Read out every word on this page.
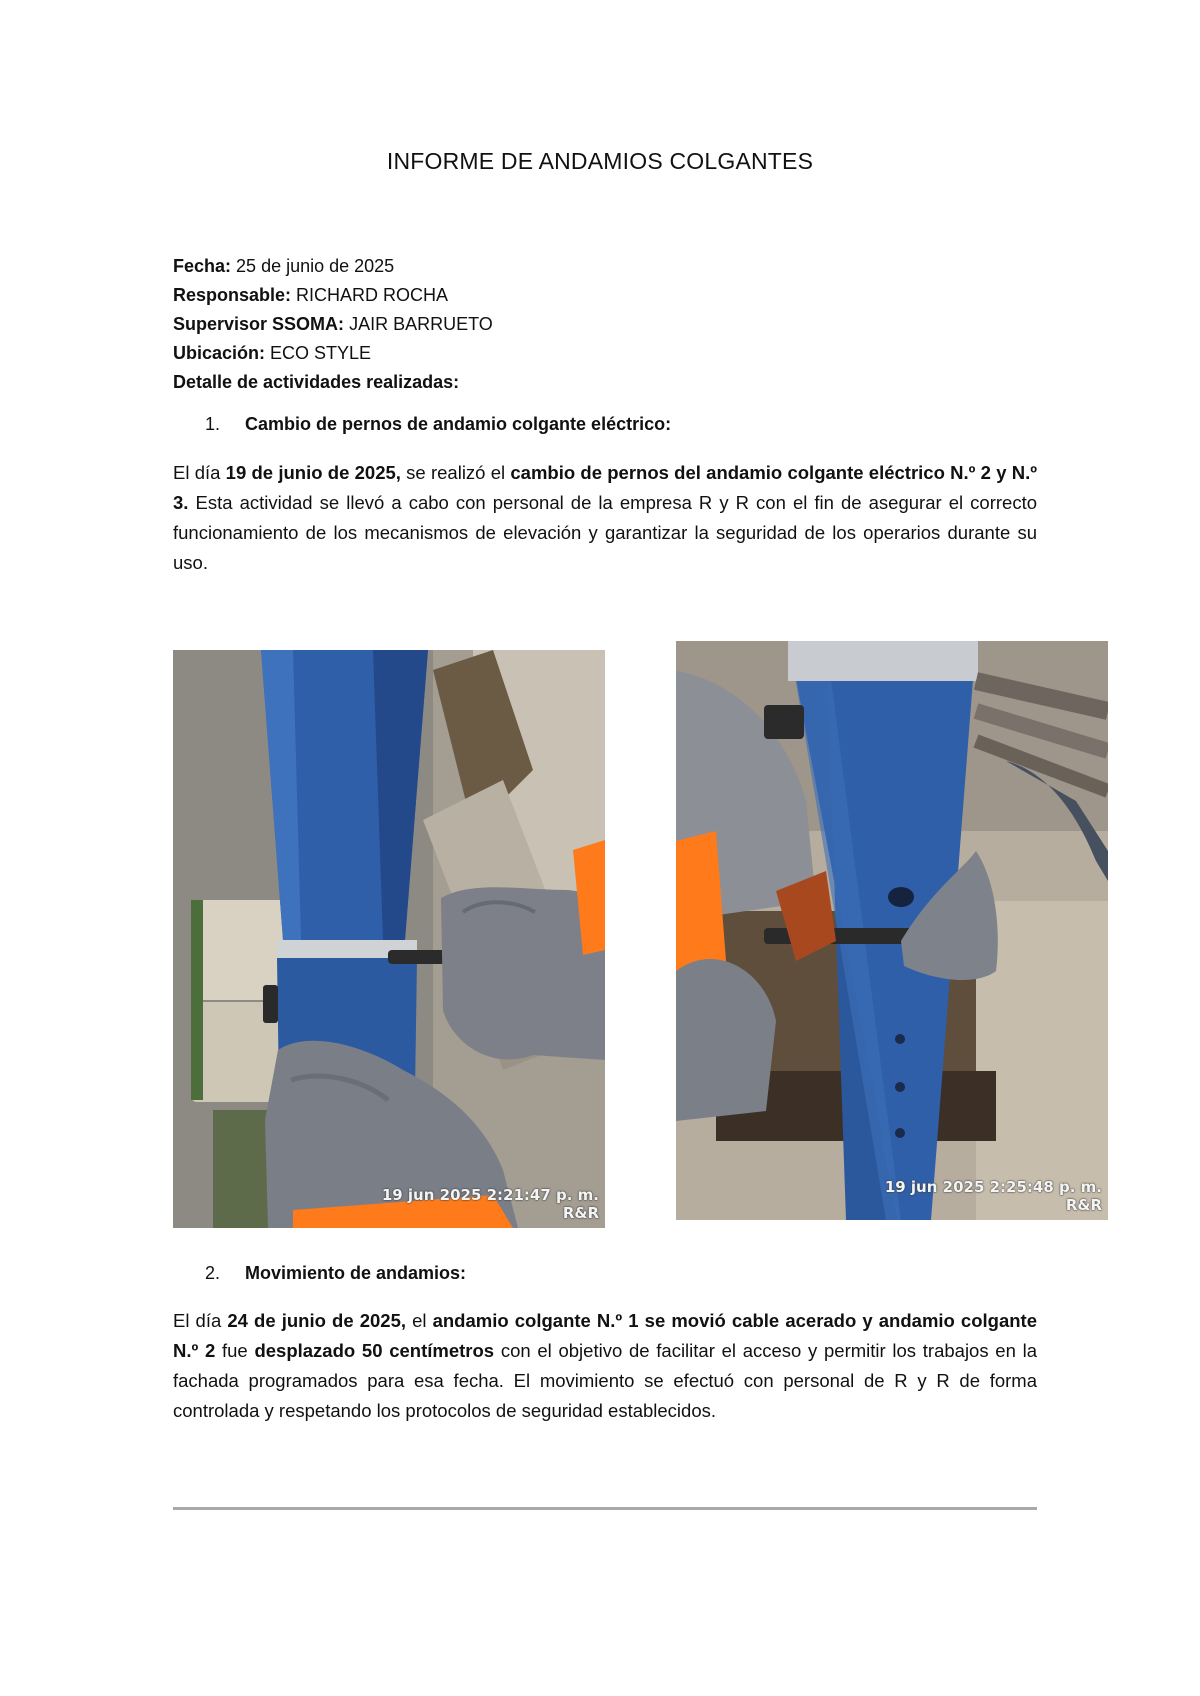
INFORME DE ANDAMIOS COLGANTES
Fecha: 25 de junio de 2025
Responsable: RICHARD ROCHA
Supervisor SSOMA: JAIR BARRUETO
Ubicación: ECO STYLE
Detalle de actividades realizadas:
1. Cambio de pernos de andamio colgante eléctrico:
El día 19 de junio de 2025, se realizó el cambio de pernos del andamio colgante eléctrico N.º 2 y N.º 3. Esta actividad se llevó a cabo con personal de la empresa R y R con el fin de asegurar el correcto funcionamiento de los mecanismos de elevación y garantizar la seguridad de los operarios durante su uso.
19 jun 2025 2:21:47 p. m.
R&R
19 jun 2025 2:25:48 p. m.
R&R
2. Movimiento de andamios:
El día 24 de junio de 2025, el andamio colgante N.º 1 se movió cable acerado y andamio colgante N.º 2 fue desplazado 50 centímetros con el objetivo de facilitar el acceso y permitir los trabajos en la fachada programados para esa fecha. El movimiento se efectuó con personal de R y R de forma controlada y respetando los protocolos de seguridad establecidos.
